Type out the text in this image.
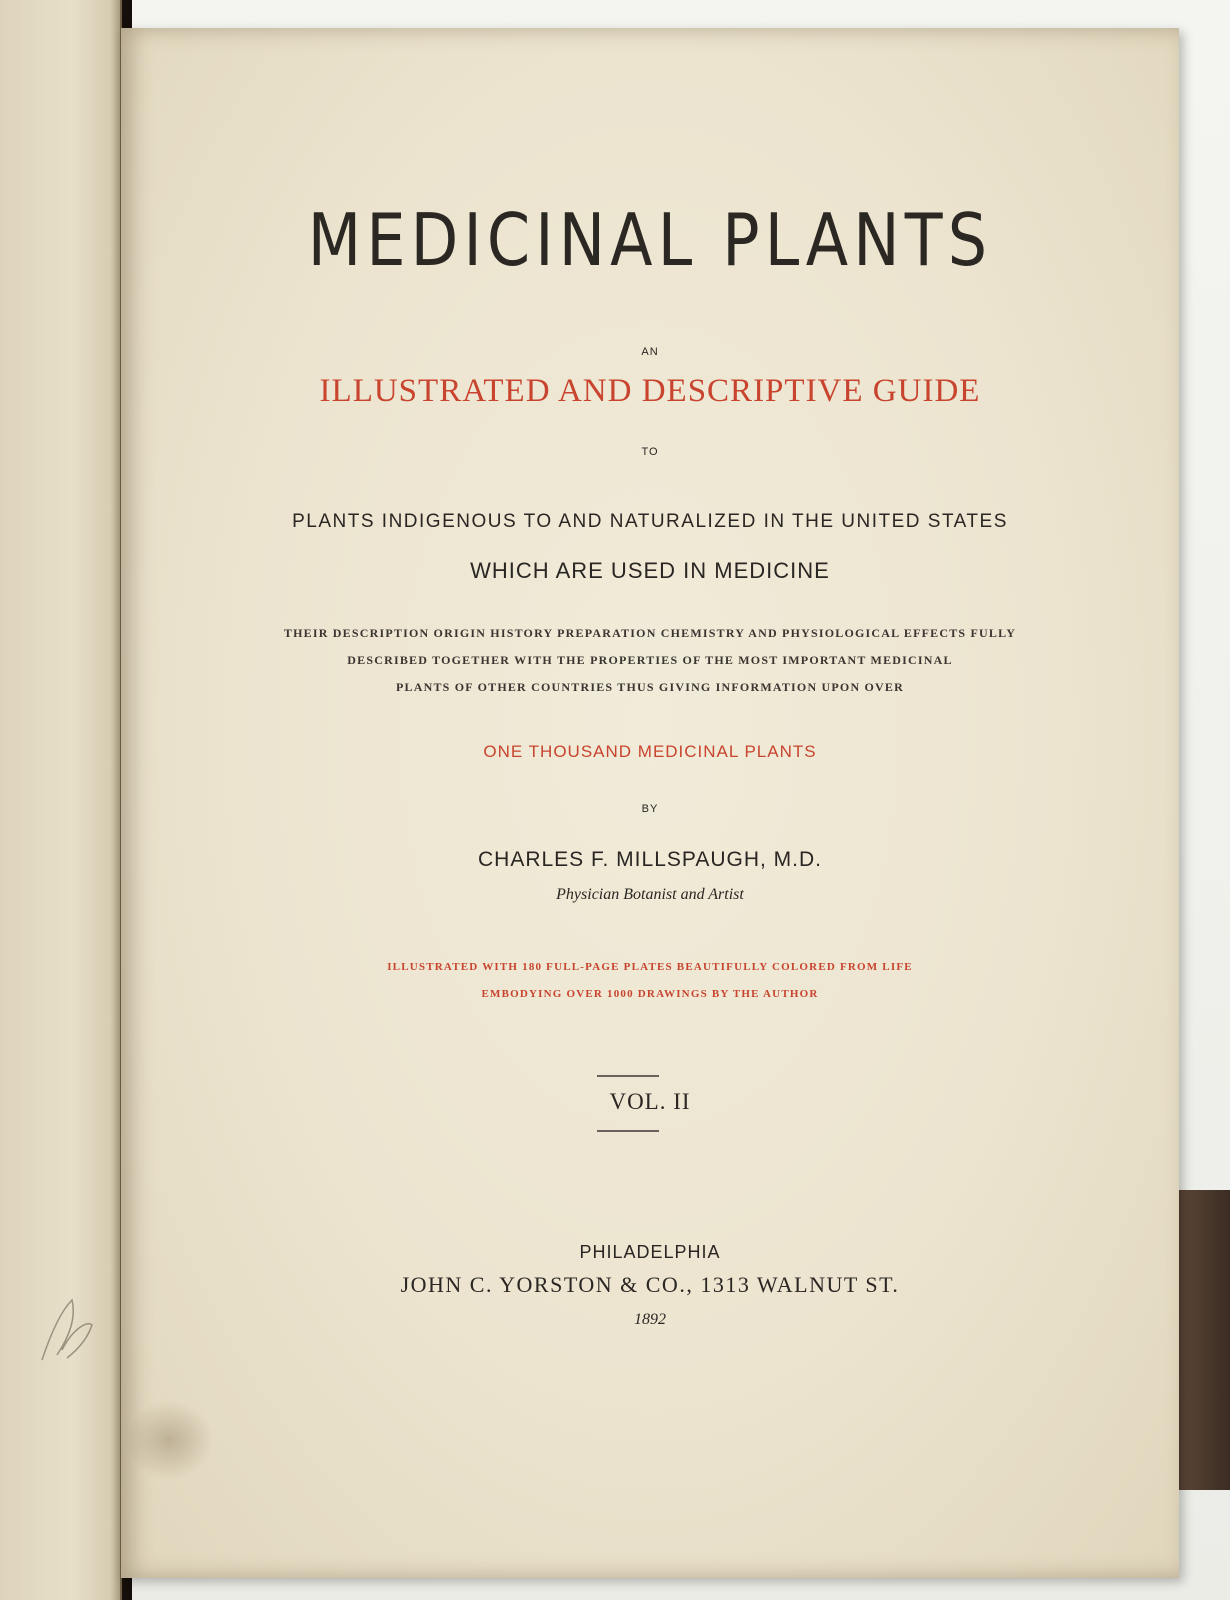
MEDICINAL PLANTS
AN
ILLUSTRATED AND DESCRIPTIVE GUIDE
TO
PLANTS INDIGENOUS TO AND NATURALIZED IN THE UNITED STATES
WHICH ARE USED IN MEDICINE
THEIR DESCRIPTION ORIGIN HISTORY PREPARATION CHEMISTRY AND PHYSIOLOGICAL EFFECTS FULLY
DESCRIBED TOGETHER WITH THE PROPERTIES OF THE MOST IMPORTANT MEDICINAL
PLANTS OF OTHER COUNTRIES THUS GIVING INFORMATION UPON OVER
ONE THOUSAND MEDICINAL PLANTS
BY
CHARLES F. MILLSPAUGH, M.D.
Physician Botanist and Artist
ILLUSTRATED WITH 180 FULL-PAGE PLATES BEAUTIFULLY COLORED FROM LIFE
EMBODYING OVER 1000 DRAWINGS BY THE AUTHOR
VOL. II
PHILADELPHIA
JOHN C. YORSTON & CO., 1313 WALNUT ST.
1892
